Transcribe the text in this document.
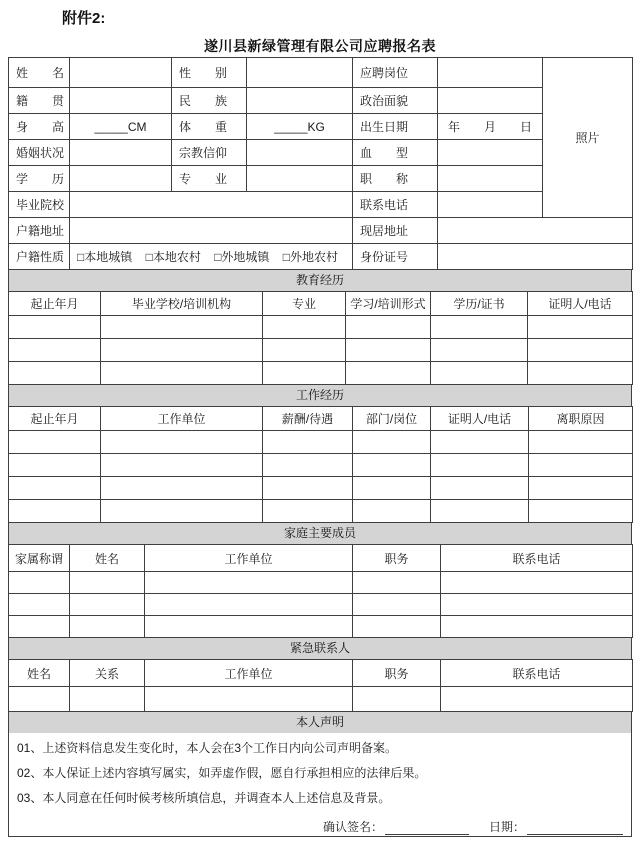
附件2:
遂川县新绿管理有限公司应聘报名表
姓　　名		性　　别		应聘岗位		照片
籍　　贯		民　　族		政治面貌		
身　　高	_____CM	体　　重	_____KG	出生日期	年　　月　　日	
婚姻状况		宗教信仰		血　　型		
学　　历		专　　业		职　　称		
毕业院校				联系电话		
户籍地址				现居地址		
户籍性质	□本地城镇 □本地农村 □外地城镇 □外地农村			身份证号		
教育经历
起止年月	毕业学校/培训机构	专业	学习/培训形式	学历/证书	证明人/电话

工作经历
起止年月	工作单位	薪酬/待遇	部门/岗位	证明人/电话	离职原因

家庭主要成员
家属称谓	姓名	工作单位	职务	联系电话

紧急联系人
姓名	关系	工作单位	职务	联系电话

本人声明

01、上述资料信息发生变化时，本人会在3个工作日内向公司声明备案。

02、本人保证上述内容填写属实，如弄虚作假，愿自行承担相应的法律后果。

03、本人同意在任何时候考核所填信息，并调查本人上述信息及背景。

确认签名：	日期：
